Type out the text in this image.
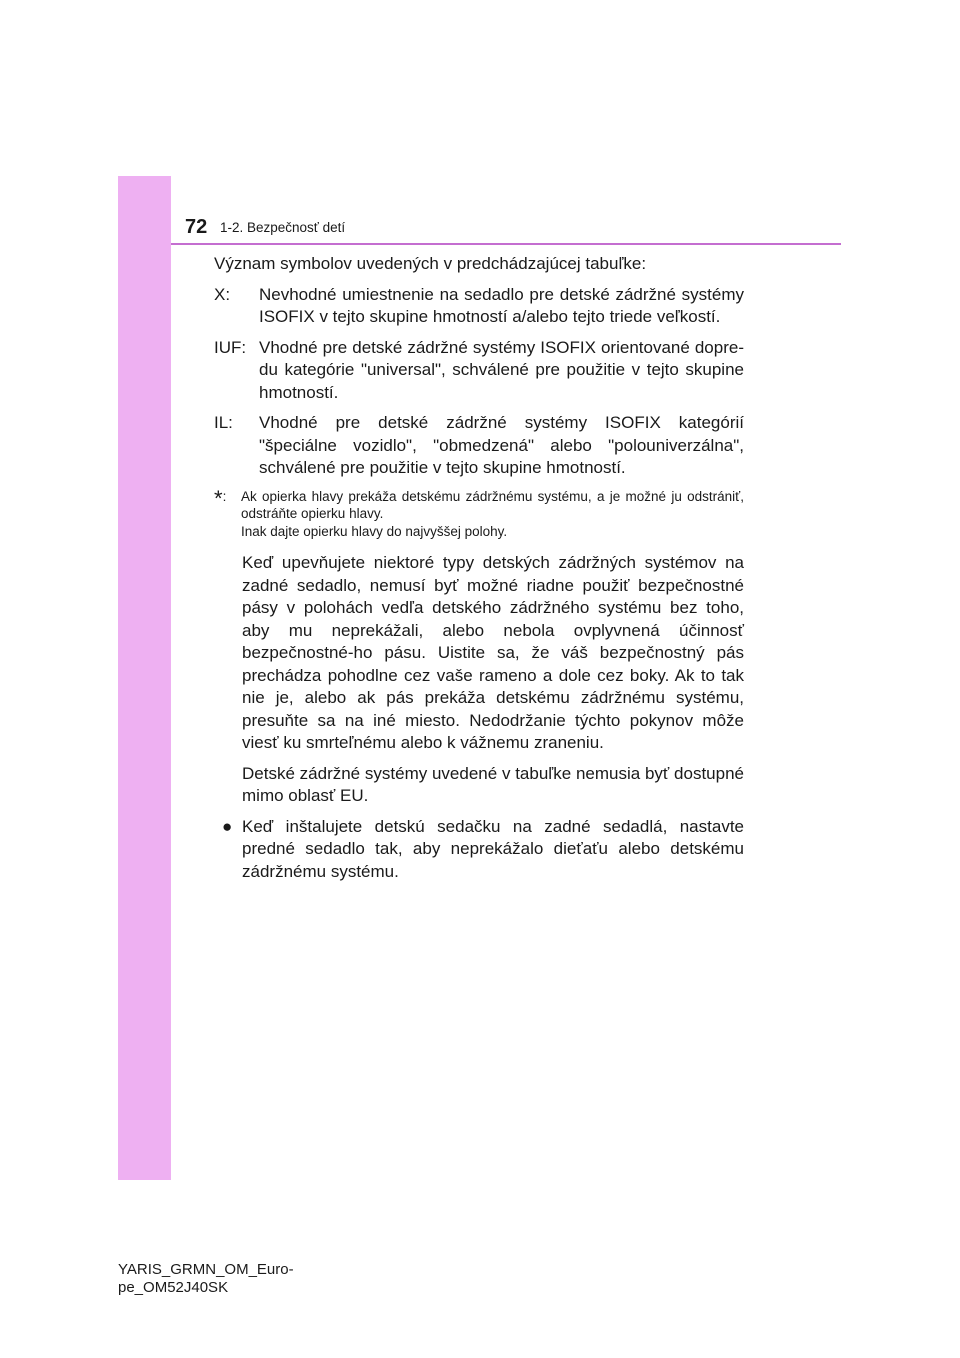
72 1-2. Bezpečnosť detí

Význam symbolov uvedených v predchádzajúcej tabuľke:

X:	Nevhodné umiestnenie na sedadlo pre detské zádržné systémy ISOFIX v tejto skupine hmotností a/alebo tejto triede veľkostí.
IUF: Vhodné pre detské zádržné systémy ISOFIX orientované dopre-du kategórie "universal", schválené pre použitie v tejto skupine hmotností.
IL:	Vhodné pre detské zádržné systémy ISOFIX kategórií "špeciálne vozidlo", "obmedzená" alebo "polouniverzálna", schválené pre použitie v tejto skupine hmotností.
*:	Ak opierka hlavy prekáža detskému zádržnému systému, a je možné ju odstrániť, odstráňte opierku hlavy.
Inak dajte opierku hlavy do najvyššej polohy.

Keď upevňujete niektoré typy detských zádržných systémov na zadné sedadlo, nemusí byť možné riadne použiť bezpečnostné pásy v polohách vedľa detského zádržného systému bez toho, aby mu neprekážali, alebo nebola ovplyvnená účinnosť bezpečnostné-ho pásu. Uistite sa, že váš bezpečnostný pás prechádza pohodlne cez vaše rameno a dole cez boky. Ak to tak nie je, alebo ak pás prekáža detskému zádržnému systému, presuňte sa na iné miesto. Nedodržanie týchto pokynov môže viesť ku smrteľnému alebo k vážnemu zraneniu.

Detské zádržné systémy uvedené v tabuľke nemusia byť dostupné mimo oblasť EU.

● Keď inštalujete detskú sedačku na zadné sedadlá, nastavte predné sedadlo tak, aby neprekážalo dieťaťu alebo detskému zádržnému systému.
YARIS_GRMN_OM_Euro-
pe_OM52J40SK
